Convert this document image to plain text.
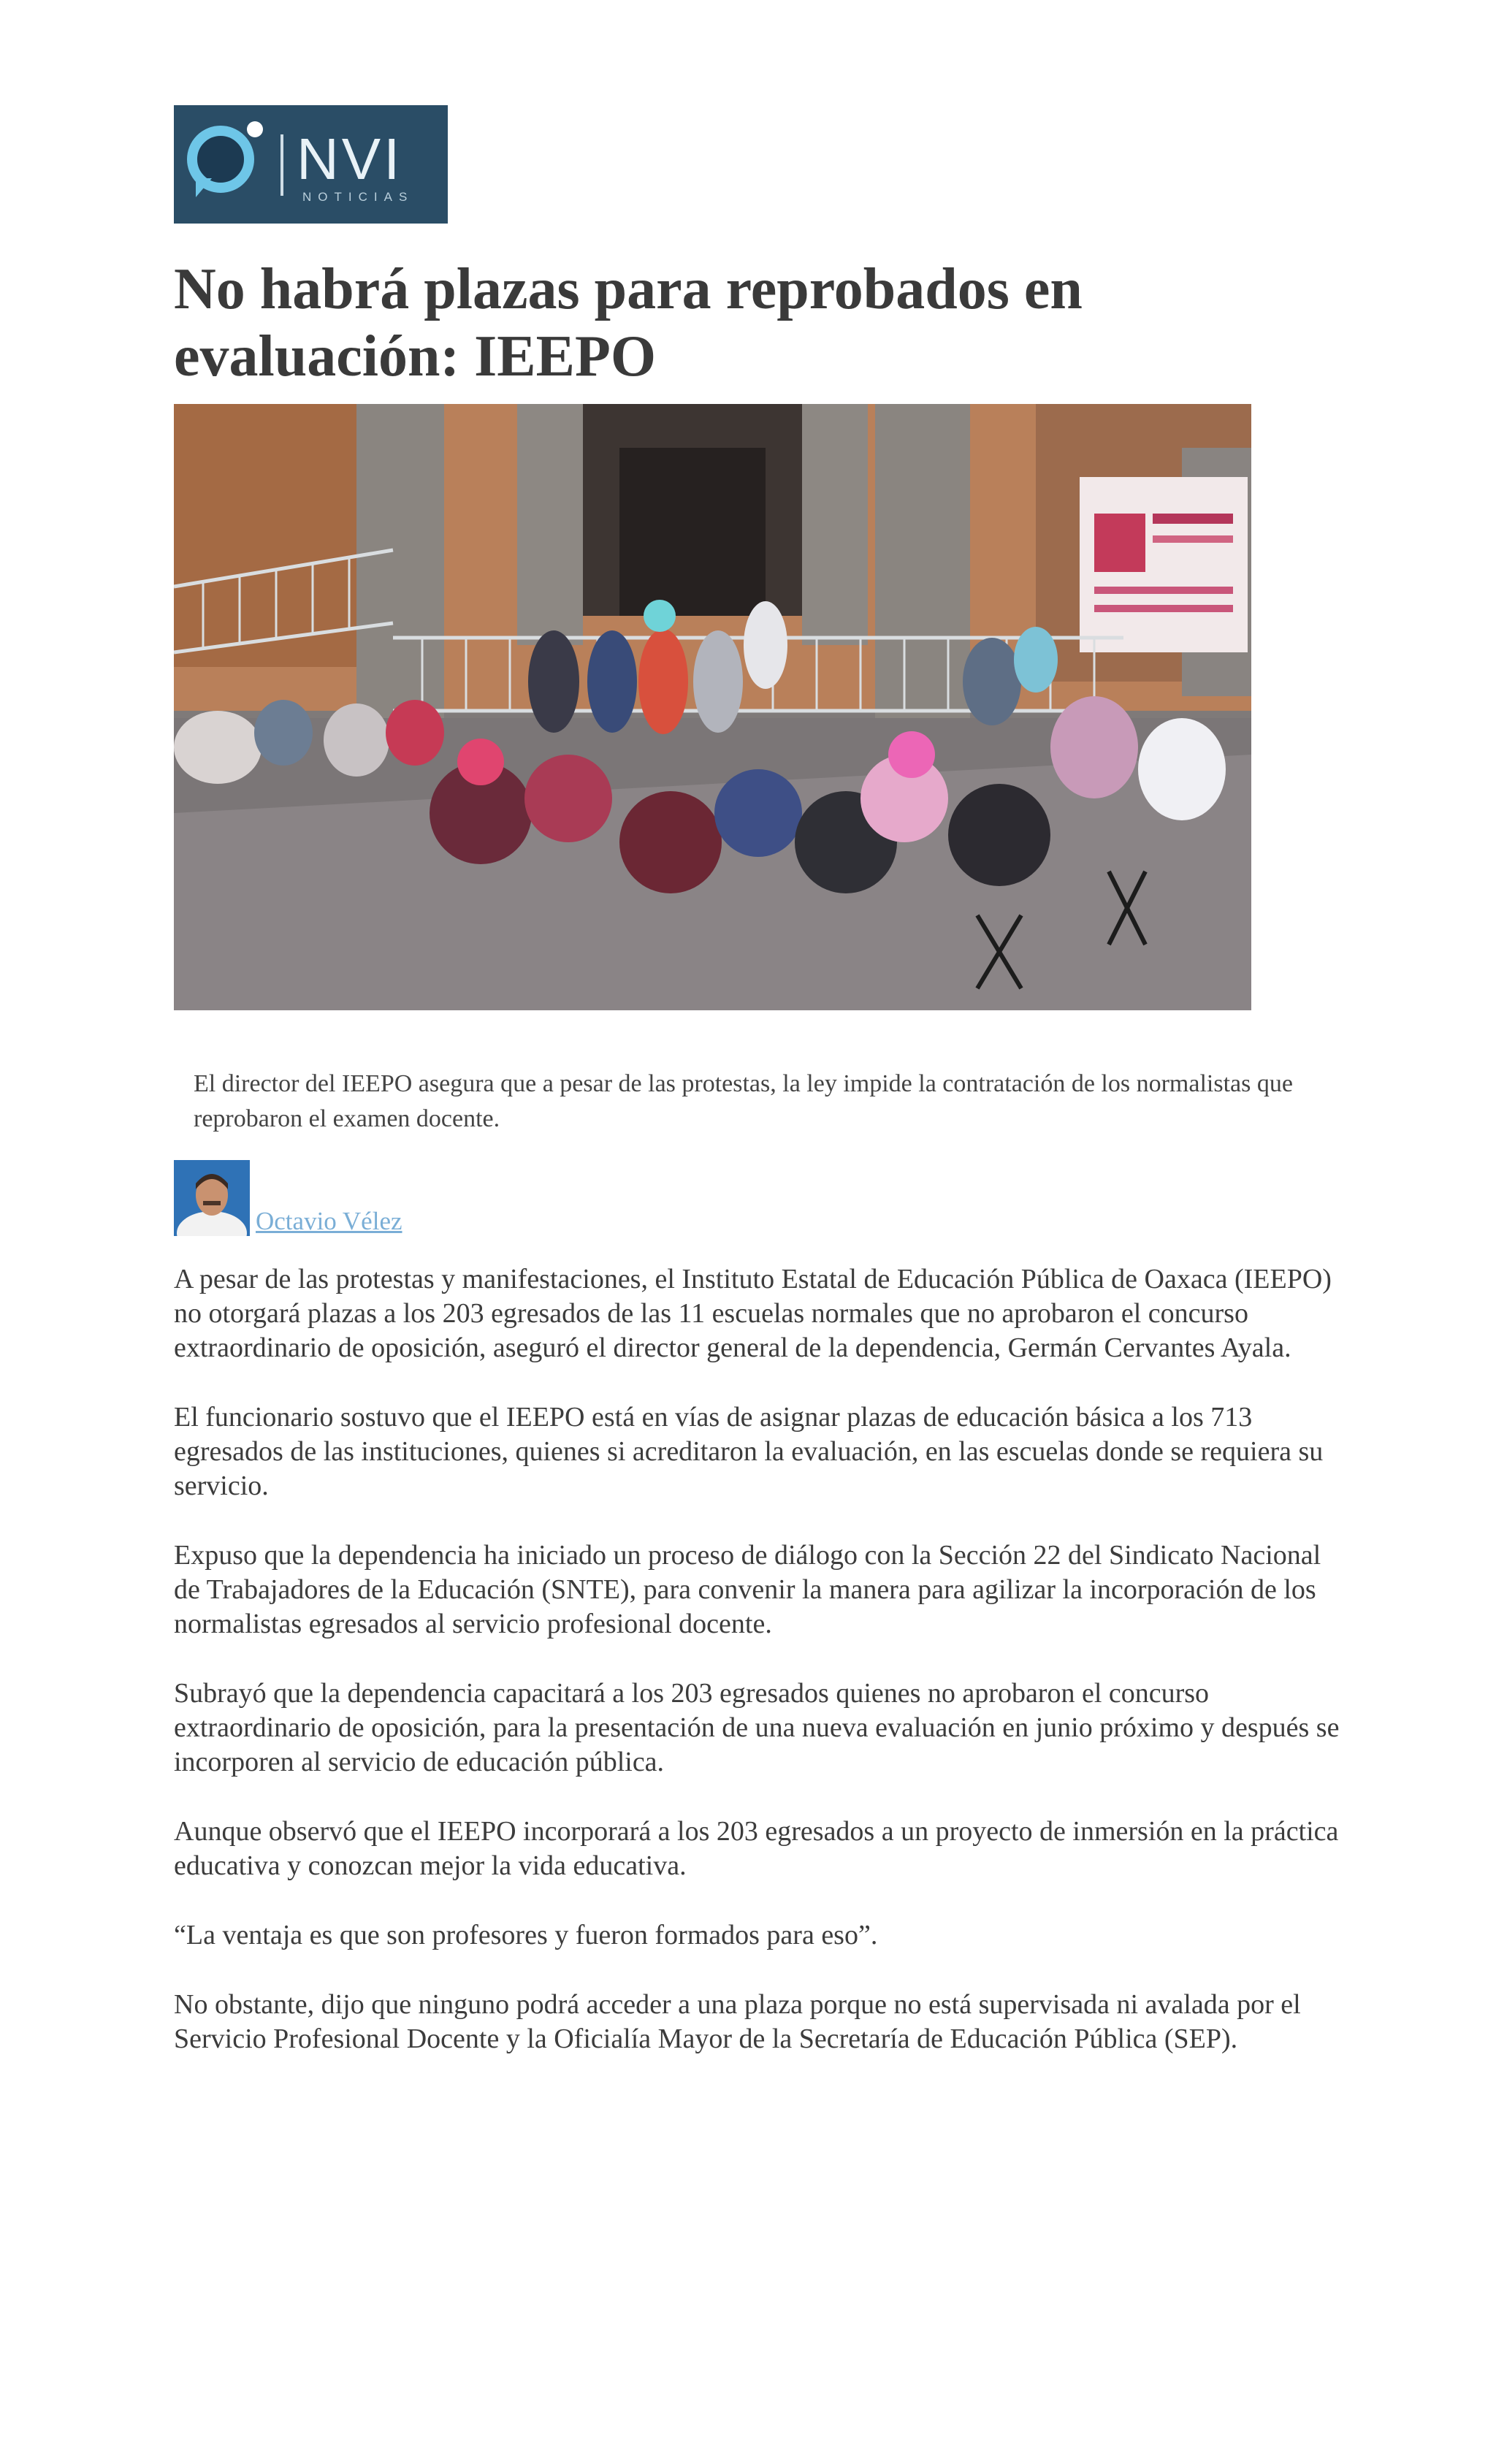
NVI
NOTICIAS
No habrá plazas para reprobados en evaluación: IEEPO

El director del IEEPO asegura que a pesar de las protestas, la ley impide la contratación de los normalistas que reprobaron el examen docente.

Octavio Vélez

A pesar de las protestas y manifestaciones, el Instituto Estatal de Educación Pública de Oaxaca (IEEPO) no otorgará plazas a los 203 egresados de las 11 escuelas normales que no aprobaron el concurso extraordinario de oposición, aseguró el director general de la dependencia, Germán Cervantes Ayala.

El funcionario sostuvo que el IEEPO está en vías de asignar plazas de educación básica a los 713 egresados de las instituciones, quienes si acreditaron la evaluación, en las escuelas donde se requiera su servicio.

Expuso que la dependencia ha iniciado un proceso de diálogo con la Sección 22 del Sindicato Nacional de Trabajadores de la Educación (SNTE), para convenir la manera para agilizar la incorporación de los normalistas egresados al servicio profesional docente.

Subrayó que la dependencia capacitará a los 203 egresados quienes no aprobaron el concurso extraordinario de oposición, para la presentación de una nueva evaluación en junio próximo y después se incorporen al servicio de educación pública.

Aunque observó que el IEEPO incorporará a los 203 egresados a un proyecto de inmersión en la práctica educativa y conozcan mejor la vida educativa.

“La ventaja es que son profesores y fueron formados para eso”.

No obstante, dijo que ninguno podrá acceder a una plaza porque no está supervisada ni avalada por el Servicio Profesional Docente y la Oficialía Mayor de la Secretaría de Educación Pública (SEP).
